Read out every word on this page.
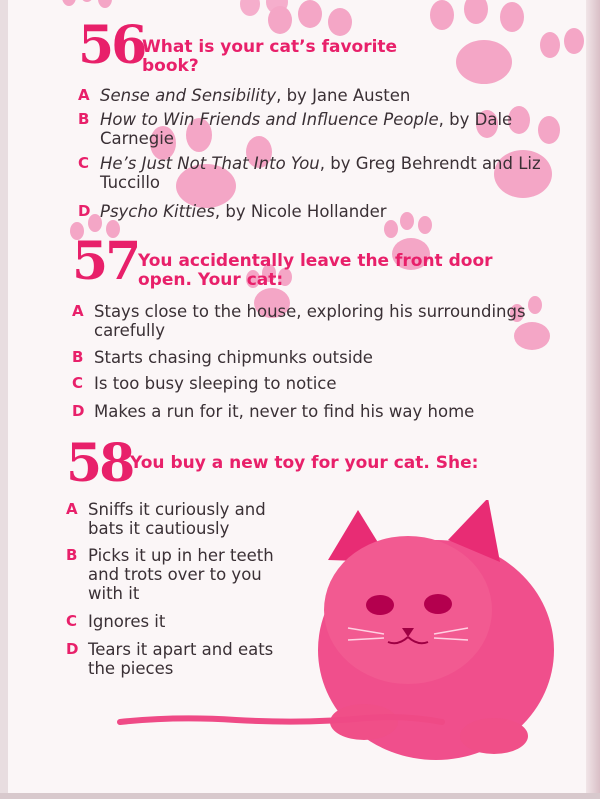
56
What is your cat’s favorite book?
A Sense and Sensibility, by Jane Austen
B How to Win Friends and Influence People, by Dale Carnegie
C He’s Just Not That Into You, by Greg Behrendt and Liz Tuccillo
D Psycho Kitties, by Nicole Hollander
57 You accidentally leave the front door open. Your cat:
A Stays close to the house, exploring his surroundings carefully
B Starts chasing chipmunks outside
C Is too busy sleeping to notice
D Makes a run for it, never to find his way home
58
You buy a new toy for your cat. She:
A Sniffs it curiously and bats it cautiously
B Picks it up in her teeth and trots over to you with it
C Ignores it
D Tears it apart and eats the pieces
